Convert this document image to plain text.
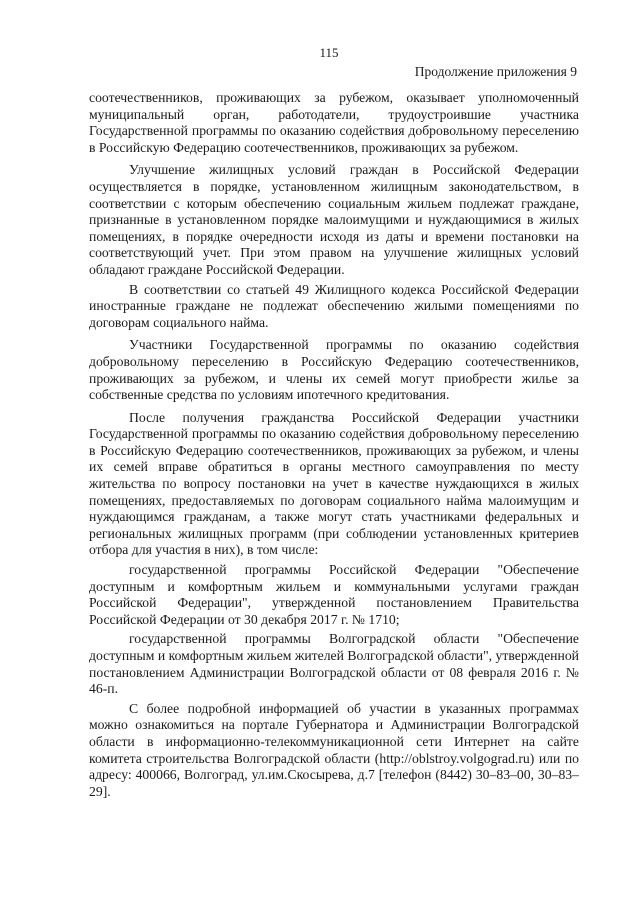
115
Продолжение приложения 9

соотечественников, проживающих за рубежом, оказывает уполномоченный муниципальный орган, работодатели, трудоустроившие участника Государственной программы по оказанию содействия добровольному переселению в Российскую Федерацию соотечественников, проживающих за рубежом.

Улучшение жилищных условий граждан в Российской Федерации осуществляется в порядке, установленном жилищным законодательством, в соответствии с которым обеспечению социальным жильем подлежат граждане, признанные в установленном порядке малоимущими и нуждающимися в жилых помещениях, в порядке очередности исходя из даты и времени постановки на соответствующий учет. При этом правом на улучшение жилищных условий обладают граждане Российской Федерации.

В соответствии со статьей 49 Жилищного кодекса Российской Федерации иностранные граждане не подлежат обеспечению жилыми помещениями по договорам социального найма.

Участники Государственной программы по оказанию содействия добровольному переселению в Российскую Федерацию соотечественников, проживающих за рубежом, и члены их семей могут приобрести жилье за собственные средства по условиям ипотечного кредитования.

После получения гражданства Российской Федерации участники Государственной программы по оказанию содействия добровольному переселению в Российскую Федерацию соотечественников, проживающих за рубежом, и члены их семей вправе обратиться в органы местного самоуправления по месту жительства по вопросу постановки на учет в качестве нуждающихся в жилых помещениях, предоставляемых по договорам социального найма малоимущим и нуждающимся гражданам, а также могут стать участниками федеральных и региональных жилищных программ (при соблюдении установленных критериев отбора для участия в них), в том числе:

государственной программы Российской Федерации "Обеспечение доступным и комфортным жильем и коммунальными услугами граждан Российской Федерации", утвержденной постановлением Правительства Российской Федерации от 30 декабря 2017 г. № 1710;

государственной программы Волгоградской области "Обеспечение доступным и комфортным жильем жителей Волгоградской области", утвержденной постановлением Администрации Волгоградской области от 08 февраля 2016 г. № 46-п.

С более подробной информацией об участии в указанных программах можно ознакомиться на портале Губернатора и Администрации Волгоградской области в информационно-телекоммуникационной сети Интернет на сайте комитета строительства Волгоградской области (http://oblstroy.volgograd.ru) или по адресу: 400066, Волгоград, ул.им.Скосырева, д.7 [телефон (8442) 30–83–00, 30–83–29].
